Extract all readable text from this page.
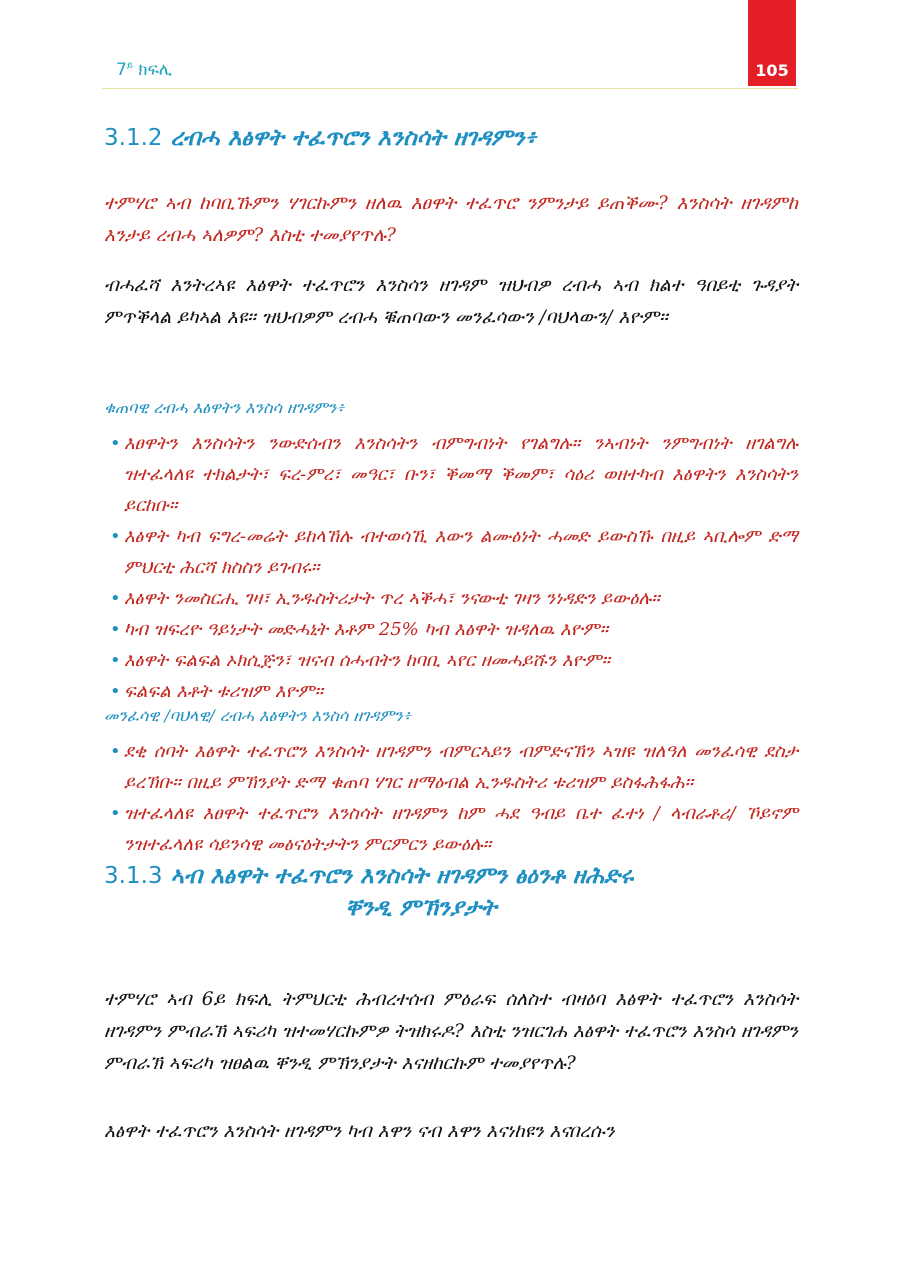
$7^ይ$ ክፍሊ	105
3.1.2 ረብሓ እፅዋት ተፈጥሮን እንስሳት ዘገዳምን፥

ተምሃሮ ኣብ ከባቢኹምን ሃገርኩምን ዘለዉ እፀዋት ተፈጥሮ ንምንታይ ይጠቕሙ? እንስሳት ዘገዳምከ እንታይ ረብሓ ኣለዎም? እስቲ ተመያየጥሉ?

ብሓፈሻ እንትረኣዩ እፅዋት ተፈጥሮን እንስሳን ዘገዳም ዝህብዎ ረብሓ ኣብ ክልተ ዓበይቲ ጉዳያት ምጥቕላል ይካኣል እዩ፡፡ ዝህብዎም ረብሓ ቑጠባውን መንፈሳውን /ባህላውን/ እዮም፡፡

ቁጠባዊ ረብሓ እፅዋትን እንስሳ ዘገዳምን፥

• እፀዋትን እንስሳትን ንውድሰብን እንስሳትን ብምግብነት የገልግሉ፡፡ ንኣብነት ንምግብነት ዘገልግሉ ዝተፈላለዩ ተክልታት፣ ፍረ-ምረ፣ መዓር፣ ቡን፣ ቕመማ ቕመም፣ ሳዕሪ ወዘተካብ እፅዋትን እንስሳትን ይርከቡ።
• እፅዋት ካብ ፍግረ-መሬት ይከላኸሉ ብተወሳኺ እውን ልሙዕነት ሓመድ ይውስኹ በዚይ ኣቢሎም ድማ ምህርቲ ሕርሻ ክስስን ይገብሩ፡፡
• እፅዋት ንመስርሒ ገዛ፣ ኢንዱስትሪታት ጥረ ኣቕሓ፣ ንናውቲ ገዛን ንነዳድን ይውዕሉ፡፡
• ካብ ዝፍረዮ ዓይነታት መድሓኒት እቶም 25% ካብ እፅዋት ዝዳለዉ እዮም፡፡
• እፅዋት ፍልፍል ኦክሲጅን፣ ዝናብ ሰሓብትን ከባቢ ኣየር ዘመሓይሹን እዮም፡፡
• ፍልፍል እቶት ቱሪዝም እዮም፡፡

መንፈሳዊ /ባህላዊ/ ረብሓ እፅዋትን እንስሳ ዘገዳምን፥

• ደቂ ሰባት እፅዋት ተፈጥሮን እንስሳት ዘገዳምን ብምርኣይን ብምድናኽን ኣዝዩ ዝለዓለ መንፈሳዊ ደስታ ይረኽቡ፡፡ በዚይ ምኽንያት ድማ ቁጠባ ሃገር ዘማዕብል ኢንዱስትሪ ቱሪዝም ይስፋሕፋሕ፡፡
• ዝተፈላለዩ እፀዋት ተፈጥሮን እንስሳት ዘገዳምን ከም ሓደ ዓብይ ቤተ ፈተነ / ላብራቶሪ/ ኾይኖም ንዝተፈላለዩ ሳይንሳዊ መፅናዕትታትን ምርምርን ይውዕሉ፡፡
3.1.3 ኣብ እፅዋት ተፈጥሮን እንስሳት ዘገዳምን ፅዕንቶ ዘሕድሩ
ቐንዲ ምኽንያታት

ተምሃሮ ኣብ 6ይ ክፍሊ ትምህርቲ ሕብረተሰብ ምዕራፍ ሰለስተ ብዛዕባ እፅዋት ተፈጥሮን እንስሳት ዘገዳምን ምብራኽ ኣፍሪካ ዝተመሃርኩምዎ ትዝክሩዶ? እስቲ ንዝርገሐ እፅዋት ተፈጥሮን እንስሳ ዘገዳምን ምብራኽ ኣፍሪካ ዝፀልዉ ቐንዲ ምኽንያታት እናዘከርኩም ተመያየጥሉ?

እፅዋት ተፈጥሮን እንስሳት ዘገዳምን ካብ እዋን ናብ እዋን እናነከዩን እናበረሱን
